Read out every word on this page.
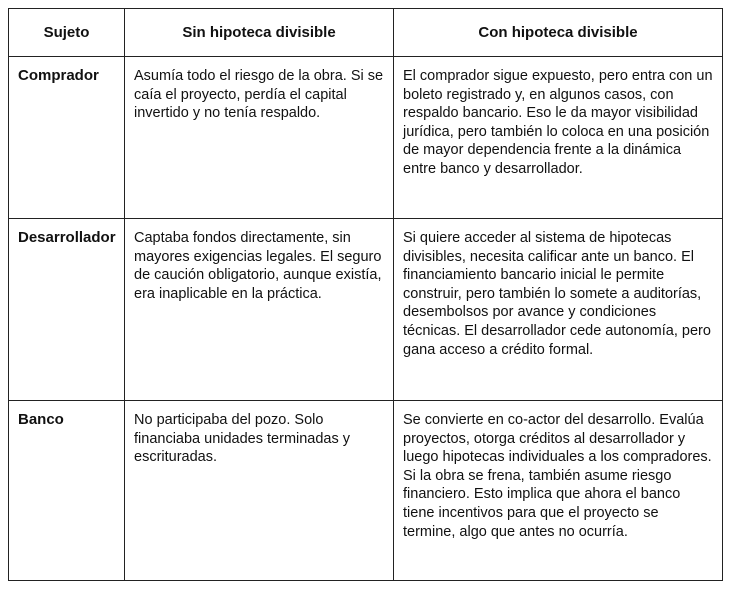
Sujeto	Sin hipoteca divisible	Con hipoteca divisible
Comprador	Asumía todo el riesgo de la obra. Si se caía el proyecto, perdía el capital invertido y no tenía respaldo.	El comprador sigue expuesto, pero entra con un boleto registrado y, en algunos casos, con respaldo bancario. Eso le da mayor visibilidad jurídica, pero también lo coloca en una posición de mayor dependencia frente a la dinámica entre banco y desarrollador.
Desarrollador	Captaba fondos directamente, sin mayores exigencias legales. El seguro de caución obligatorio, aunque existía, era inaplicable en la práctica.	Si quiere acceder al sistema de hipotecas divisibles, necesita calificar ante un banco. El financiamiento bancario inicial le permite construir, pero también lo somete a auditorías, desembolsos por avance y condiciones técnicas. El desarrollador cede autonomía, pero gana acceso a crédito formal.
Banco	No participaba del pozo. Solo financiaba unidades terminadas y escrituradas.	Se convierte en co-actor del desarrollo. Evalúa proyectos, otorga créditos al desarrollador y luego hipotecas individuales a los compradores. Si la obra se frena, también asume riesgo financiero. Esto implica que ahora el banco tiene incentivos para que el proyecto se termine, algo que antes no ocurría.
